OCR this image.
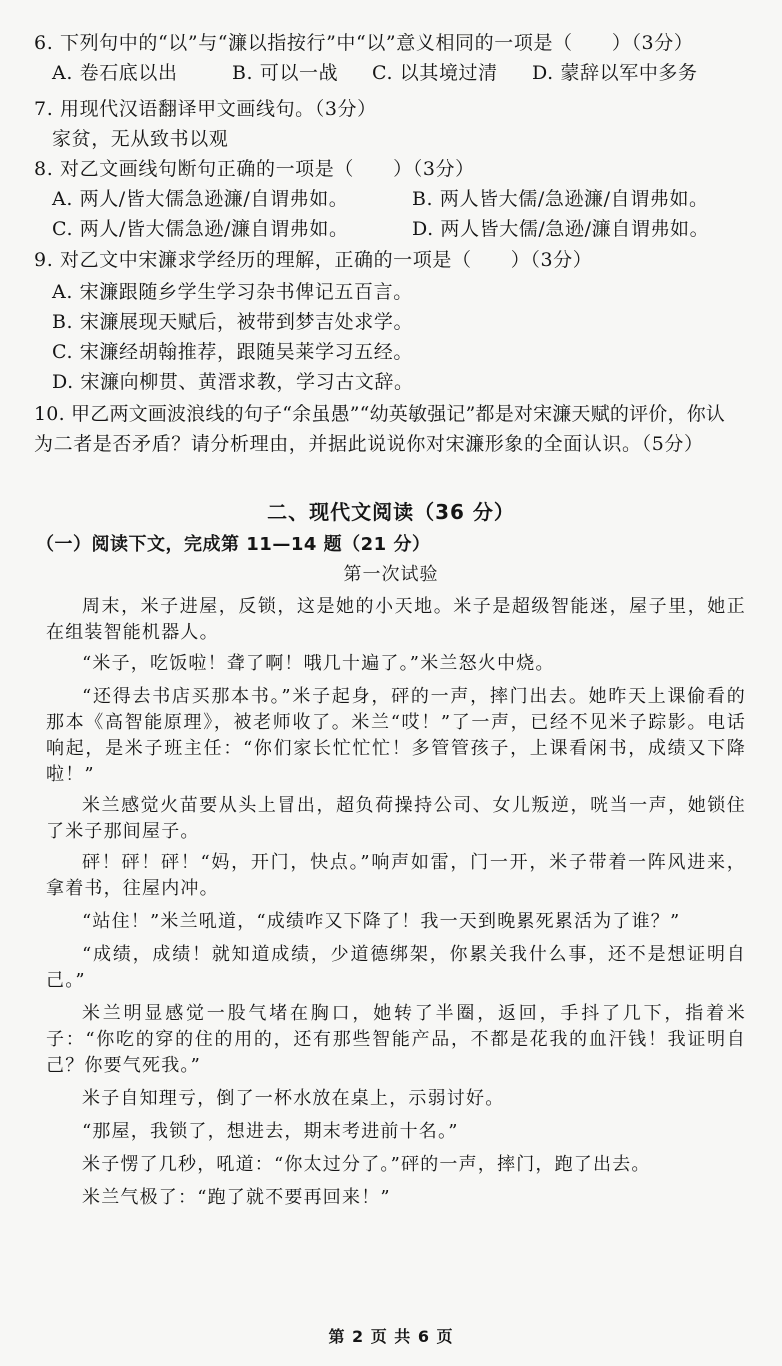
6. 下列句中的“以”与“濂以指按行”中“以”意义相同的一项是（　　）（3分）
A. 卷石底以出	B. 可以一战 C. 以其境过清 D. 蒙辞以军中多务
7. 用现代汉语翻译甲文画线句。（3分）
家贫，无从致书以观
8. 对乙文画线句断句正确的一项是（　　）（3分）
A. 两人/皆大儒急逊濂/自谓弗如。	B. 两人皆大儒/急逊濂/自谓弗如。
C. 两人/皆大儒急逊/濂自谓弗如。	D. 两人皆大儒/急逊/濂自谓弗如。
9. 对乙文中宋濂求学经历的理解，正确的一项是（　　）（3分）
A. 宋濂跟随乡学生学习杂书俾记五百言。
B. 宋濂展现天赋后，被带到梦吉处求学。
C. 宋濂经胡翰推荐，跟随吴莱学习五经。
D. 宋濂向柳贯、黄溍求教，学习古文辞。
10. 甲乙两文画波浪线的句子“余虽愚”“幼英敏强记”都是对宋濂天赋的评价，你认
为二者是否矛盾？请分析理由，并据此说说你对宋濂形象的全面认识。（5分）
二、现代文阅读（36 分）
（一）阅读下文，完成第 11—14 题（21 分）
第一次试验

周末，米子进屋，反锁，这是她的小天地。米子是超级智能迷，屋子里，她正在组装智能机器人。

“米子，吃饭啦！聋了啊！哦几十遍了。”米兰怒火中烧。

“还得去书店买那本书。”米子起身，砰的一声，摔门出去。她昨天上课偷看的那本《高智能原理》，被老师收了。米兰“哎！”了一声，已经不见米子踪影。电话响起，是米子班主任：“你们家长忙忙忙！多管管孩子，上课看闲书，成绩又下降啦！”

米兰感觉火苗要从头上冒出，超负荷操持公司、女儿叛逆，咣当一声，她锁住了米子那间屋子。

砰！砰！砰！“妈，开门，快点。”响声如雷，门一开，米子带着一阵风进来，拿着书，往屋内冲。

“站住！”米兰吼道，“成绩咋又下降了！我一天到晚累死累活为了谁？”

“成绩，成绩！就知道成绩，少道德绑架，你累关我什么事，还不是想证明自己。”

米兰明显感觉一股气堵在胸口，她转了半圈，返回，手抖了几下，指着米子：“你吃的穿的住的用的，还有那些智能产品，不都是花我的血汗钱！我证明自己？你要气死我。”

米子自知理亏，倒了一杯水放在桌上，示弱讨好。

“那屋，我锁了，想进去，期末考进前十名。”

米子愣了几秒，吼道：“你太过分了。”砰的一声，摔门，跑了出去。

米兰气极了：“跑了就不要再回来！”

第 2 页 共 6 页
